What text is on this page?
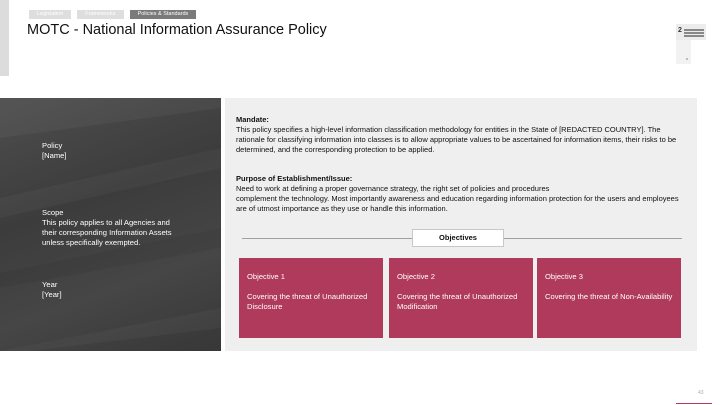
Legislation	Frameworks	Policies & Standards
MOTC - National Information Assurance Policy	2
Policy
[Name]
Scope
This policy applies to all Agencies and
their corresponding Information Assets
unless specifically exempted.
Year
[Year]
Mandate:
This policy specifies a high-level information classification methodology for entities in the State of [REDACTED COUNTRY]. The rationale for classifying information into classes is to allow appropriate values to be ascertained for information items, their risks to be determined, and the corresponding protection to be applied.
Purpose of Establishment/Issue:
Need to work at defining a proper governance strategy, the right set of policies and procedures
complement the technology. Most importantly awareness and education regarding information protection for the users and employees are of utmost importance as they use or handle this information.
Objectives
Objective 1
Covering the threat of Unauthorized Disclosure
Objective 2
Covering the threat of Unauthorized Modification
Objective 3
Covering the threat of Non-Availability
43
